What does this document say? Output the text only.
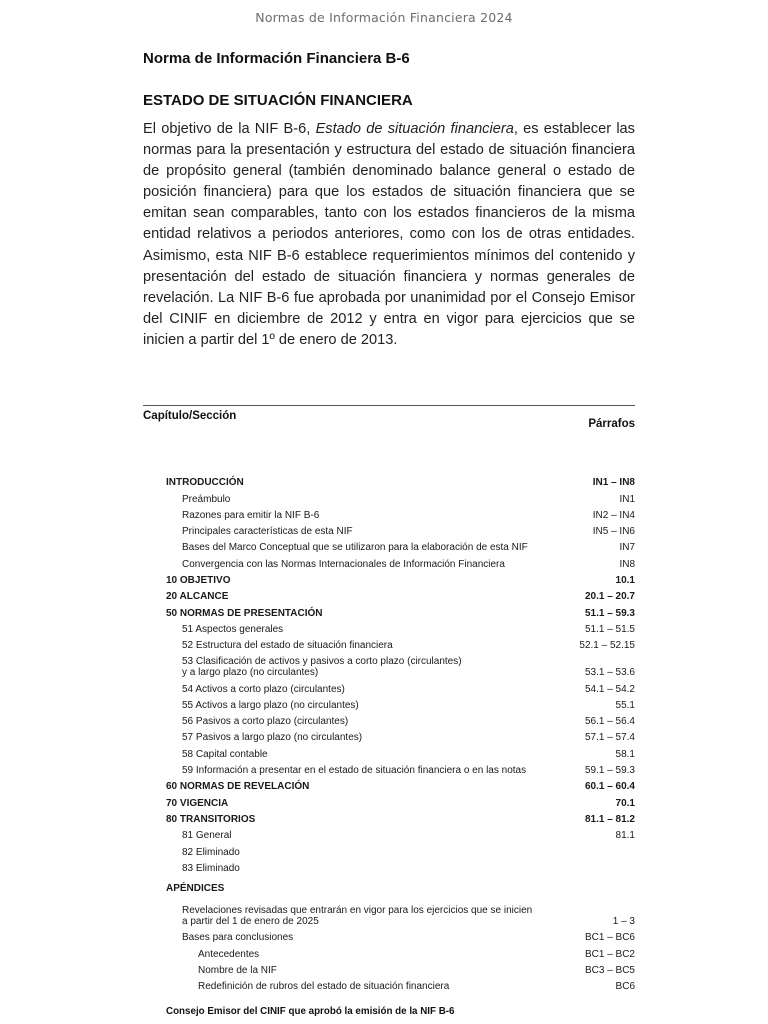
Normas de Información Financiera 2024
Norma de Información Financiera B-6
ESTADO DE SITUACIÓN FINANCIERA

El objetivo de la NIF B-6, Estado de situación financiera, es establecer las normas para la presentación y estructura del estado de situación financiera de propósito general (también denominado balance general o estado de posición financiera) para que los estados de situación financiera que se emitan sean comparables, tanto con los estados financieros de la misma entidad relativos a periodos anteriores, como con los de otras entidades. Asimismo, esta NIF B-6 establece requerimientos mínimos del contenido y presentación del estado de situación financiera y normas generales de revelación. La NIF B-6 fue aprobada por unanimidad por el Consejo Emisor del CINIF en diciembre de 2012 y entra en vigor para ejercicios que se inicien a partir del 1º de enero de 2013.

Capítulo/Sección
Párrafos
INTRODUCCIÓN	IN1 – IN8
Preámbulo	IN1
Razones para emitir la NIF B-6	IN2 – IN4
Principales características de esta NIF	IN5 – IN6
Bases del Marco Conceptual que se utilizaron para la elaboración de esta NIF	IN7
Convergencia con las Normas Internacionales de Información Financiera	IN8
10 OBJETIVO	10.1
20 ALCANCE	20.1 – 20.7
50 NORMAS DE PRESENTACIÓN	51.1 – 59.3
51 Aspectos generales	51.1 – 51.5
52 Estructura del estado de situación financiera	52.1 – 52.15
53 Clasificación de activos y pasivos a corto plazo (circulantes)
y a largo plazo (no circulantes)	53.1 – 53.6
54 Activos a corto plazo (circulantes)	54.1 – 54.2
55 Activos a largo plazo (no circulantes)	55.1
56 Pasivos a corto plazo (circulantes)	56.1 – 56.4
57 Pasivos a largo plazo (no circulantes)	57.1 – 57.4
58 Capital contable	58.1
59 Información a presentar en el estado de situación financiera o en las notas	59.1 – 59.3
60 NORMAS DE REVELACIÓN	60.1 – 60.4
70 VIGENCIA	70.1
80 TRANSITORIOS	81.1 – 81.2
81 General	81.1
82 Eliminado
83 Eliminado
APÉNDICES
Revelaciones revisadas que entrarán en vigor para los ejercicios que se inicien
a partir del 1 de enero de 2025	1 – 3
Bases para conclusiones	BC1 – BC6
Antecedentes	BC1 – BC2
Nombre de la NIF	BC3 – BC5
Redefinición de rubros del estado de situación financiera	BC6
Consejo Emisor del CINIF que aprobó la emisión de la NIF B-6
